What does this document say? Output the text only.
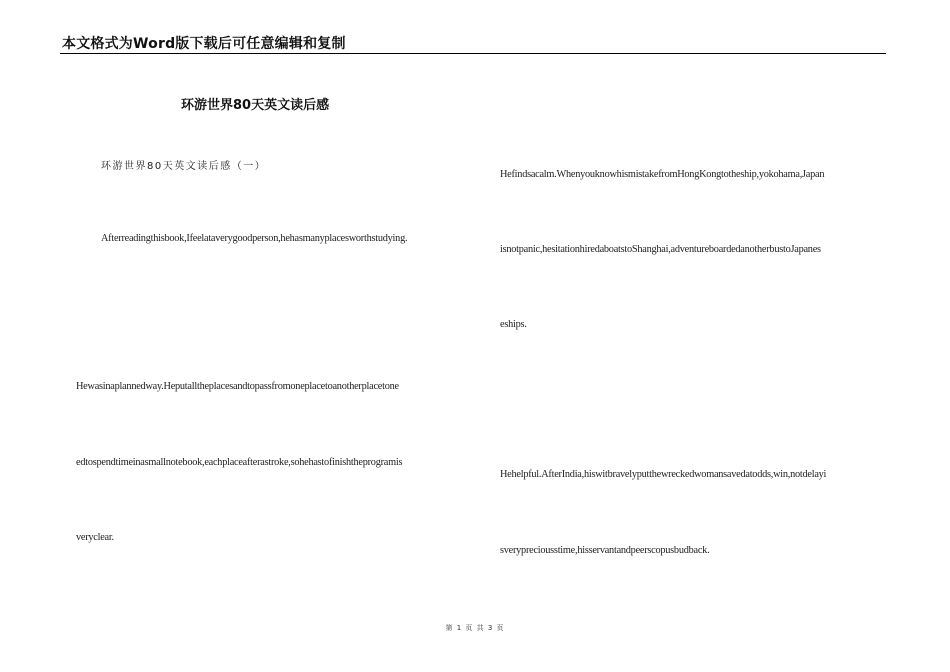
本文格式为Word版下载后可任意编辑和复制
环游世界80天英文读后感
环游世界80天英文读后感（一）
Afterreadingthisbook,Ifeelataverygoodperson,hehasmanyplacesworthstudying.
Hewasinaplannedway.Heputalltheplacesandtopassfromoneplacetoanotherplacetone
edtospendtimeinasmallnotebook,eachplaceafterastroke,sohehastofinishtheprogramis
veryclear.
Hefindsacalm.WhenyouknowhismistakefromHongKongtotheship,yokohama,Japan
isnotpanic,hesitationhiredaboatstoShanghai,adventureboardedanotherbustoJapanes
eships.
Hehelpful.AfterIndia,hiswitbravelyputthewreckedwomansavedatodds,win,notdelayi
sverypreciousstime,hisservantandpeerscopusbudback.
第 1 页 共 3 页
